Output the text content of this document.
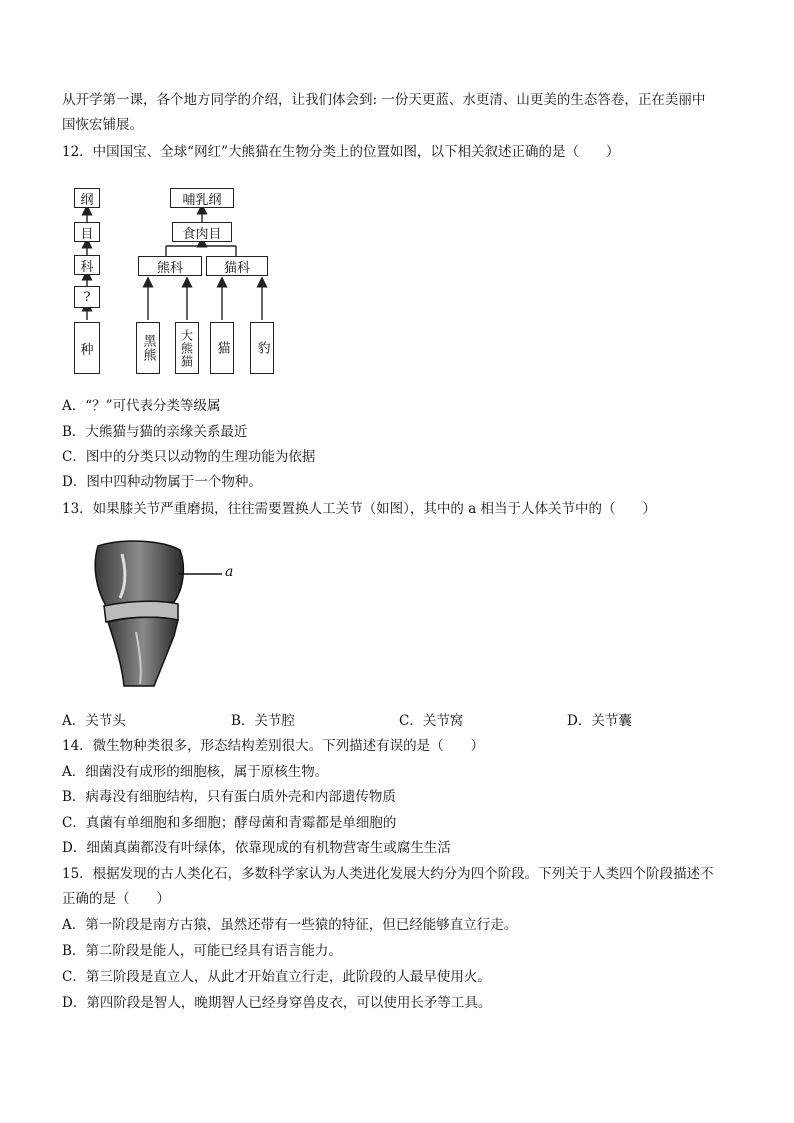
从开学第一课，各个地方同学的介绍，让我们体会到: 一份天更蓝、水更清、山更美的生态答卷，正在美丽中
国恢宏铺展。
12．中国国宝、全球“网红”大熊猫在生物分类上的位置如图，以下相关叙述正确的是（　　）
纲
目
科
?
种
哺乳纲
食肉目
熊科	猫科
黑熊	大熊猫	猫	豹
A．“？”可代表分类等级属
B．大熊猫与猫的亲缘关系最近
C．图中的分类只以动物的生理功能为依据
D．图中四种动物属于一个物种。
13．如果膝关节严重磨损，往往需要置换人工关节（如图），其中的 a 相当于人体关节中的（　　）
a
A．关节头	B．关节腔	C．关节窝	D．关节囊
14．微生物种类很多，形态结构差别很大。下列描述有误的是（　　）
A．细菌没有成形的细胞核，属于原核生物。
B．病毒没有细胞结构，只有蛋白质外壳和内部遗传物质
C．真菌有单细胞和多细胞；酵母菌和青霉都是单细胞的
D．细菌真菌都没有叶绿体，依靠现成的有机物营寄生或腐生生活
15．根据发现的古人类化石，多数科学家认为人类进化发展大约分为四个阶段。下列关于人类四个阶段描述不
正确的是（　　）
A．第一阶段是南方古猿，虽然还带有一些猿的特征，但已经能够直立行走。
B．第二阶段是能人，可能已经具有语言能力。
C．第三阶段是直立人，从此才开始直立行走，此阶段的人最早使用火。
D．第四阶段是智人，晚期智人已经身穿兽皮衣，可以使用长矛等工具。
